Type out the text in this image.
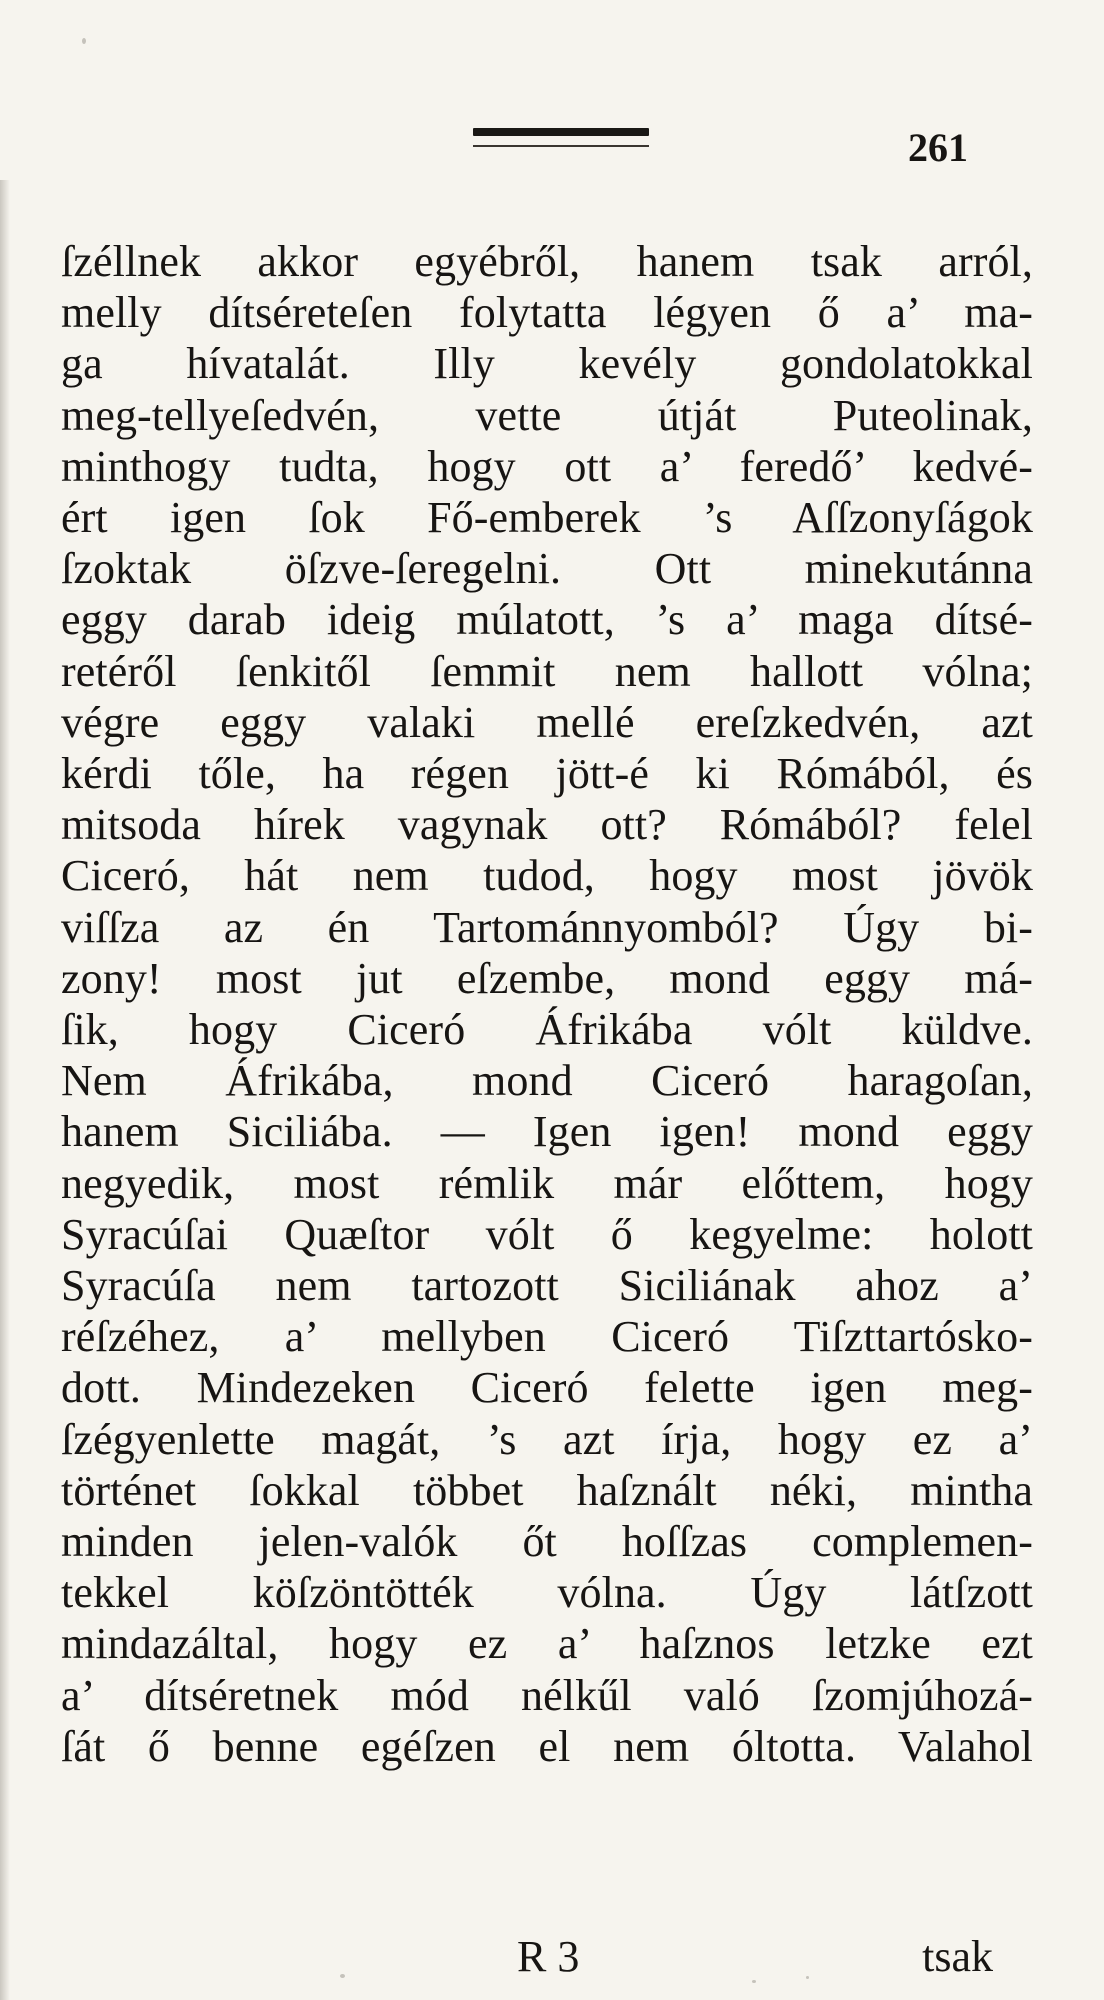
261
ſzéllnek akkor egyébről, hanem tsak arról,
melly dítséreteſen folytatta légyen ő a’ ma-
ga hívatalát. Illy kevély gondolatokkal
meg-tellyeſedvén, vette útját Puteolinak,
minthogy tudta, hogy ott a’ feredő’ kedvé-
ért igen ſok Fő-emberek ’s Aſſzonyſágok
ſzoktak öſzve-ſeregelni. Ott minekutánna
eggy darab ideig múlatott, ’s a’ maga dítsé-
retéről ſenkitől ſemmit nem hallott vólna;
végre eggy valaki mellé ereſzkedvén, azt
kérdi tőle, ha régen jött-é ki Rómából, és
mitsoda hírek vagynak ott? Rómából? felel
Ciceró, hát nem tudod, hogy most jövök
viſſza az én Tartománnyomból? Úgy bi-
zony! most jut eſzembe, mond eggy má-
ſik, hogy Ciceró Áfrikába vólt küldve.
Nem Áfrikába, mond Ciceró haragoſan,
hanem Siciliába. — Igen igen! mond eggy
negyedik, most rémlik már előttem, hogy
Syracúſai Quæſtor vólt ő kegyelme: holott
Syracúſa nem tartozott Siciliának ahoz a’
réſzéhez, a’ mellyben Ciceró Tiſzttartósko-
dott. Mindezeken Ciceró felette igen meg-
ſzégyenlette magát, ’s azt írja, hogy ez a’
történet ſokkal többet haſznált néki, mintha
minden jelen-valók őt hoſſzas complemen-
tekkel köſzöntötték vólna. Úgy látſzott
mindazáltal, hogy ez a’ haſznos letzke ezt
a’ dítséretnek mód nélkűl való ſzomjúhozá-
ſát ő benne egéſzen el nem óltotta. Valahol
R 3	tsak
